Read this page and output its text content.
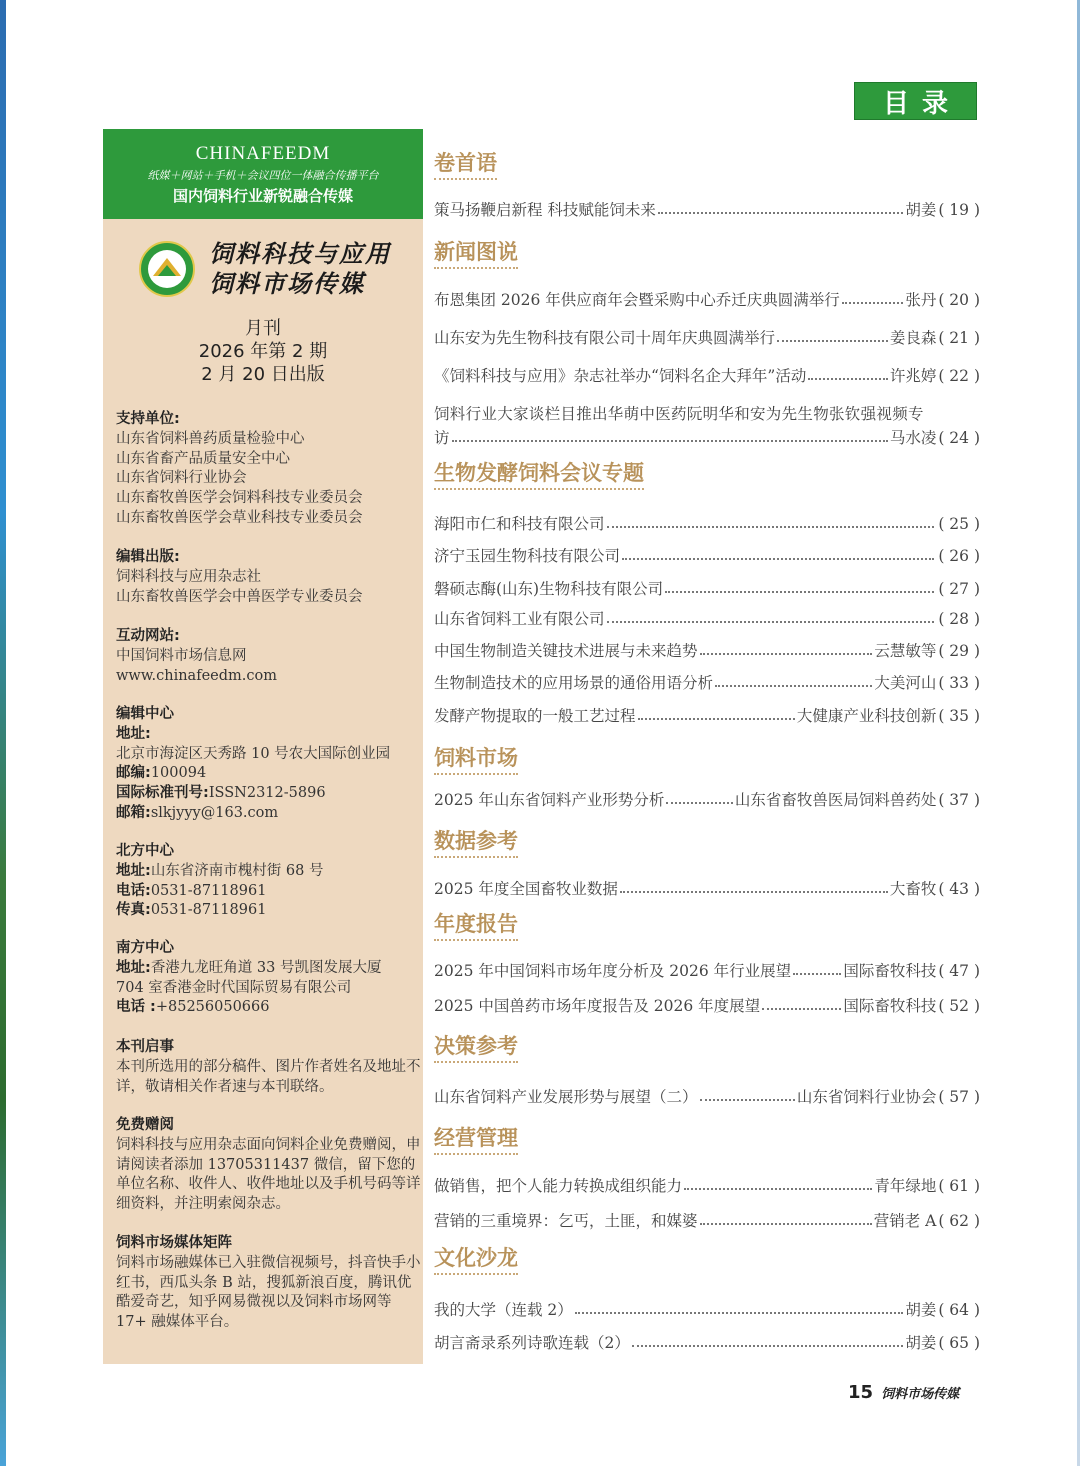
目 录
CHINAFEEDM
纸媒＋网站＋手机＋会议四位一体融合传播平台
国内饲料行业新锐融合传媒
饲料科技与应用
饲料市场传媒
月刊
2026 年第 2 期
2 月 20 日出版
支持单位:
山东省饲料兽药质量检验中心
山东省畜产品质量安全中心
山东省饲料行业协会
山东畜牧兽医学会饲料科技专业委员会
山东畜牧兽医学会草业科技专业委员会
编辑出版:
饲料科技与应用杂志社
山东畜牧兽医学会中兽医学专业委员会
互动网站:
中国饲料市场信息网
www.chinafeedm.com
编辑中心
地址:
北京市海淀区天秀路 10 号农大国际创业园
邮编:100094
国际标准刊号:ISSN2312-5896
邮箱:slkjyyy@163.com
北方中心
地址:山东省济南市槐村街 68 号
电话:0531-87118961
传真:0531-87118961
南方中心
地址:香港九龙旺角道 33 号凯图发展大厦
704 室香港金时代国际贸易有限公司
电话 :+85256050666
本刊启事
本刊所选用的部分稿件、图片作者姓名及地址不详，敬请相关作者速与本刊联络。
免费赠阅
饲料科技与应用杂志面向饲料企业免费赠阅，申请阅读者添加 13705311437 微信，留下您的单位名称、收件人、收件地址以及手机号码等详细资料，并注明索阅杂志。
饲料市场媒体矩阵
饲料市场融媒体已入驻微信视频号，抖音快手小红书，西瓜头条 B 站，搜狐新浪百度，腾讯优酷爱奇艺，知乎网易微视以及饲料市场网等 17+ 融媒体平台。
卷首语
策马扬鞭启新程 科技赋能饲未来	胡姜 ( 19 )
新闻图说
布恩集团 2026 年供应商年会暨采购中心乔迁庆典圆满举行	张丹 ( 20 )
山东安为先生物科技有限公司十周年庆典圆满举行	姜良森 ( 21 )
《饲料科技与应用》杂志社举办“饲料名企大拜年”活动	许兆婷 ( 22 )
饲料行业大家谈栏目推出华萌中医药阮明华和安为先生物张钦强视频专
访	马水凌 ( 24 )
生物发酵饲料会议专题
海阳市仁和科技有限公司	( 25 )
济宁玉园生物科技有限公司	( 26 )
磐硕志酶(山东)生物科技有限公司	( 27 )
山东省饲料工业有限公司	( 28 )
中国生物制造关键技术进展与未来趋势	云慧敏等 ( 29 )
生物制造技术的应用场景的通俗用语分析	大美河山 ( 33 )
发酵产物提取的一般工艺过程	大健康产业科技创新 ( 35 )
饲料市场
2025 年山东省饲料产业形势分析	山东省畜牧兽医局饲料兽药处 ( 37 )
数据参考
2025 年度全国畜牧业数据	大畜牧 ( 43 )
年度报告
2025 年中国饲料市场年度分析及 2026 年行业展望	国际畜牧科技 ( 47 )
2025 中国兽药市场年度报告及 2026 年度展望	国际畜牧科技 ( 52 )
决策参考
山东省饲料产业发展形势与展望（二）	山东省饲料行业协会 ( 57 )
经营管理
做销售，把个人能力转换成组织能力	青年绿地 ( 61 )
营销的三重境界：乞丐，土匪，和媒婆	营销老 A ( 62 )
文化沙龙
我的大学（连载 2）	胡姜 ( 64 )
胡言斋录系列诗歌连载（2）	胡姜 ( 65 )
15 饲料市场传媒
